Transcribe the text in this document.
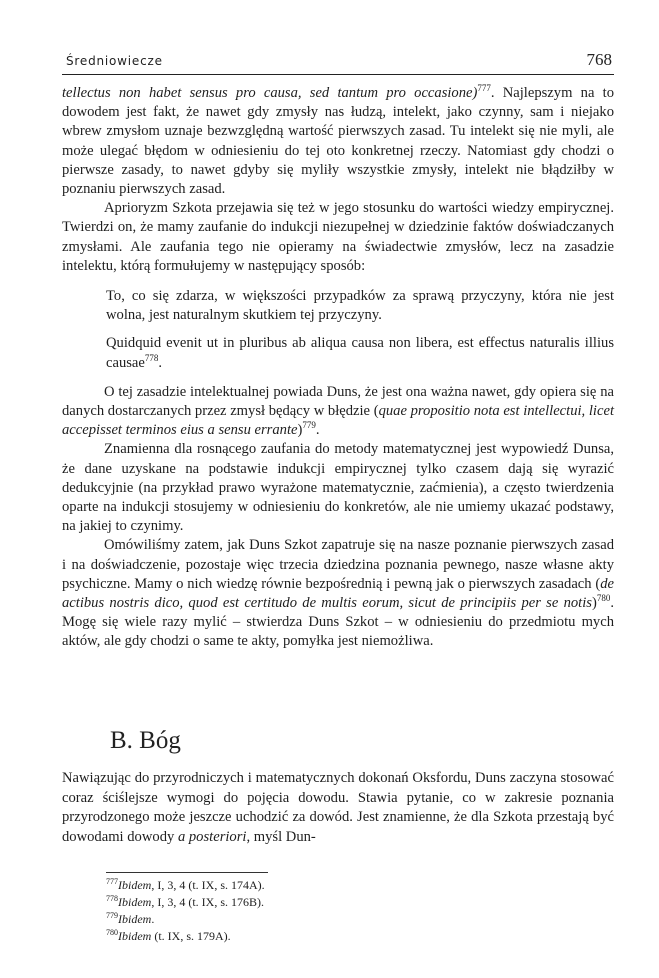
Średniowiecze	768

tellectus non habet sensus pro causa, sed tantum pro occasione)$^{777}$. Najlepszym na to dowodem jest fakt, że nawet gdy zmysły nas łudzą, intelekt, jako czynny, sam i niejako wbrew zmysłom uznaje bezwzględną wartość pierwszych zasad. Tu intelekt się nie myli, ale może ulegać błędom w odniesieniu do tej oto konkretnej rzeczy. Natomiast gdy chodzi o pierwsze zasady, to nawet gdyby się myliły wszystkie zmysły, intelekt nie błądziłby w poznaniu pierwszych zasad.

Aprioryzm Szkota przejawia się też w jego stosunku do wartości wiedzy empirycznej. Twierdzi on, że mamy zaufanie do indukcji niezupełnej w dziedzinie faktów doświadczanych zmysłami. Ale zaufania tego nie opieramy na świadectwie zmysłów, lecz na zasadzie intelektu, którą formułujemy w następujący sposób:

To, co się zdarza, w większości przypadków za sprawą przyczyny, która nie jest wolna, jest naturalnym skutkiem tej przyczyny.

Quidquid evenit ut in pluribus ab aliqua causa non libera, est effectus naturalis illius causae$^{778}$.

O tej zasadzie intelektualnej powiada Duns, że jest ona ważna nawet, gdy opiera się na danych dostarczanych przez zmysł będący w błędzie (quae propositio nota est intellectui, licet accepisset terminos eius a sensu errante)$^{779}$.

Znamienna dla rosnącego zaufania do metody matematycznej jest wypowiedź Dunsa, że dane uzyskane na podstawie indukcji empirycznej tylko czasem dają się wyrazić dedukcyjnie (na przykład prawo wyrażone matematycznie, zaćmienia), a często twierdzenia oparte na indukcji stosujemy w odniesieniu do konkretów, ale nie umiemy ukazać podstawy, na jakiej to czynimy.

Omówiliśmy zatem, jak Duns Szkot zapatruje się na nasze poznanie pierwszych zasad i na doświadczenie, pozostaje więc trzecia dziedzina poznania pewnego, nasze własne akty psychiczne. Mamy o nich wiedzę równie bezpośrednią i pewną jak o pierwszych zasadach (de actibus nostris dico, quod est certitudo de multis eorum, sicut de principiis per se notis)$^{780}$. Mogę się wiele razy mylić – stwierdza Duns Szkot – w odniesieniu do przedmiotu mych aktów, ale gdy chodzi o same te akty, pomyłka jest niemożliwa.

B. Bóg

Nawiązując do przyrodniczych i matematycznych dokonań Oksfordu, Duns zaczyna stosować coraz ściślejsze wymogi do pojęcia dowodu. Stawia pytanie, co w zakresie poznania przyrodzonego może jeszcze uchodzić za dowód. Jest znamienne, że dla Szkota przestają być dowodami dowody a posteriori, myśl Dun-

$^{777}$Ibidem, I, 3, 4 (t. IX, s. 174A).
$^{778}$Ibidem, I, 3, 4 (t. IX, s. 176B).
$^{779}$Ibidem.
$^{780}$Ibidem (t. IX, s. 179A).
